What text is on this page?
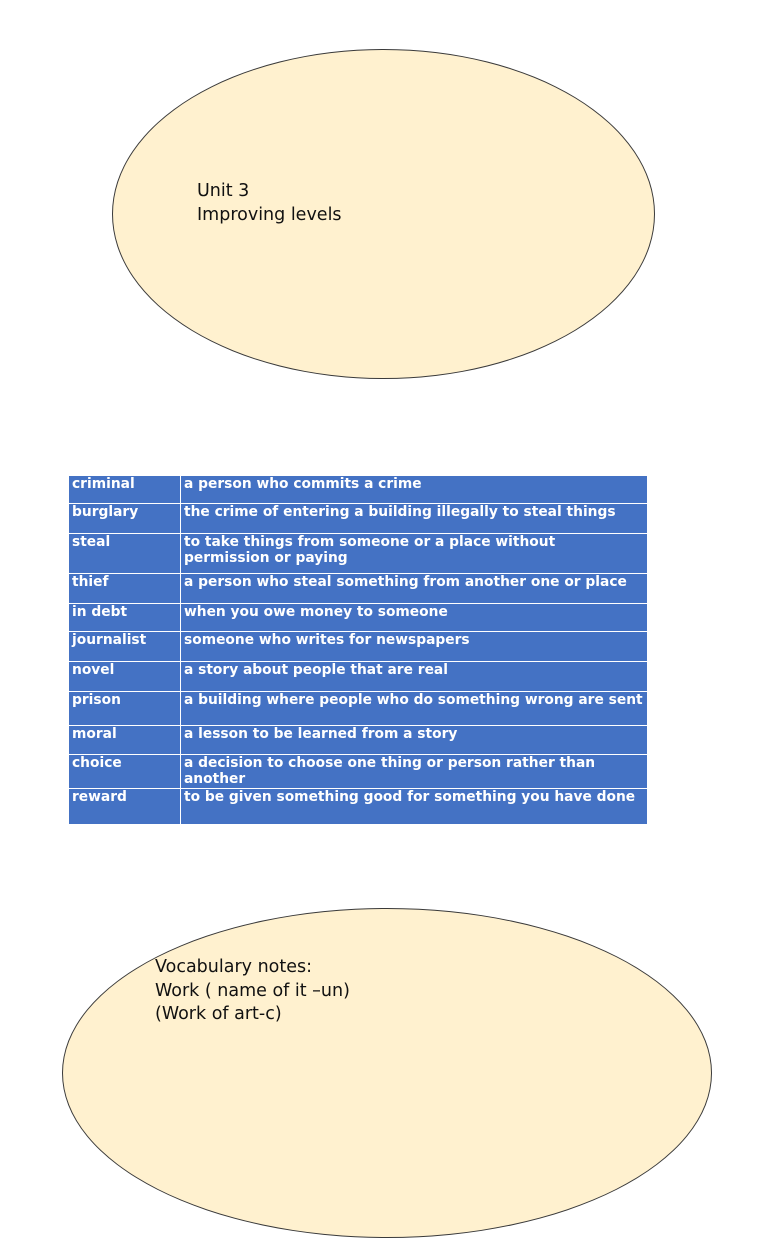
Unit 3
Improving levels
criminal	a person who commits a crime
burglary	the crime of entering a building illegally to steal things
steal	to take things from someone or a place without permission or paying
thief	a person who steal something from another one or place
in debt	when you owe money to someone
journalist	someone who writes for newspapers
novel	a story about people that are real
prison	a building where people who do something wrong are sent
moral	a lesson to be learned from a story
choice	a decision to choose one thing or person rather than another
reward	to be given something good for something you have done
Vocabulary notes:
Work ( name of it –un)
(Work of art-c)
